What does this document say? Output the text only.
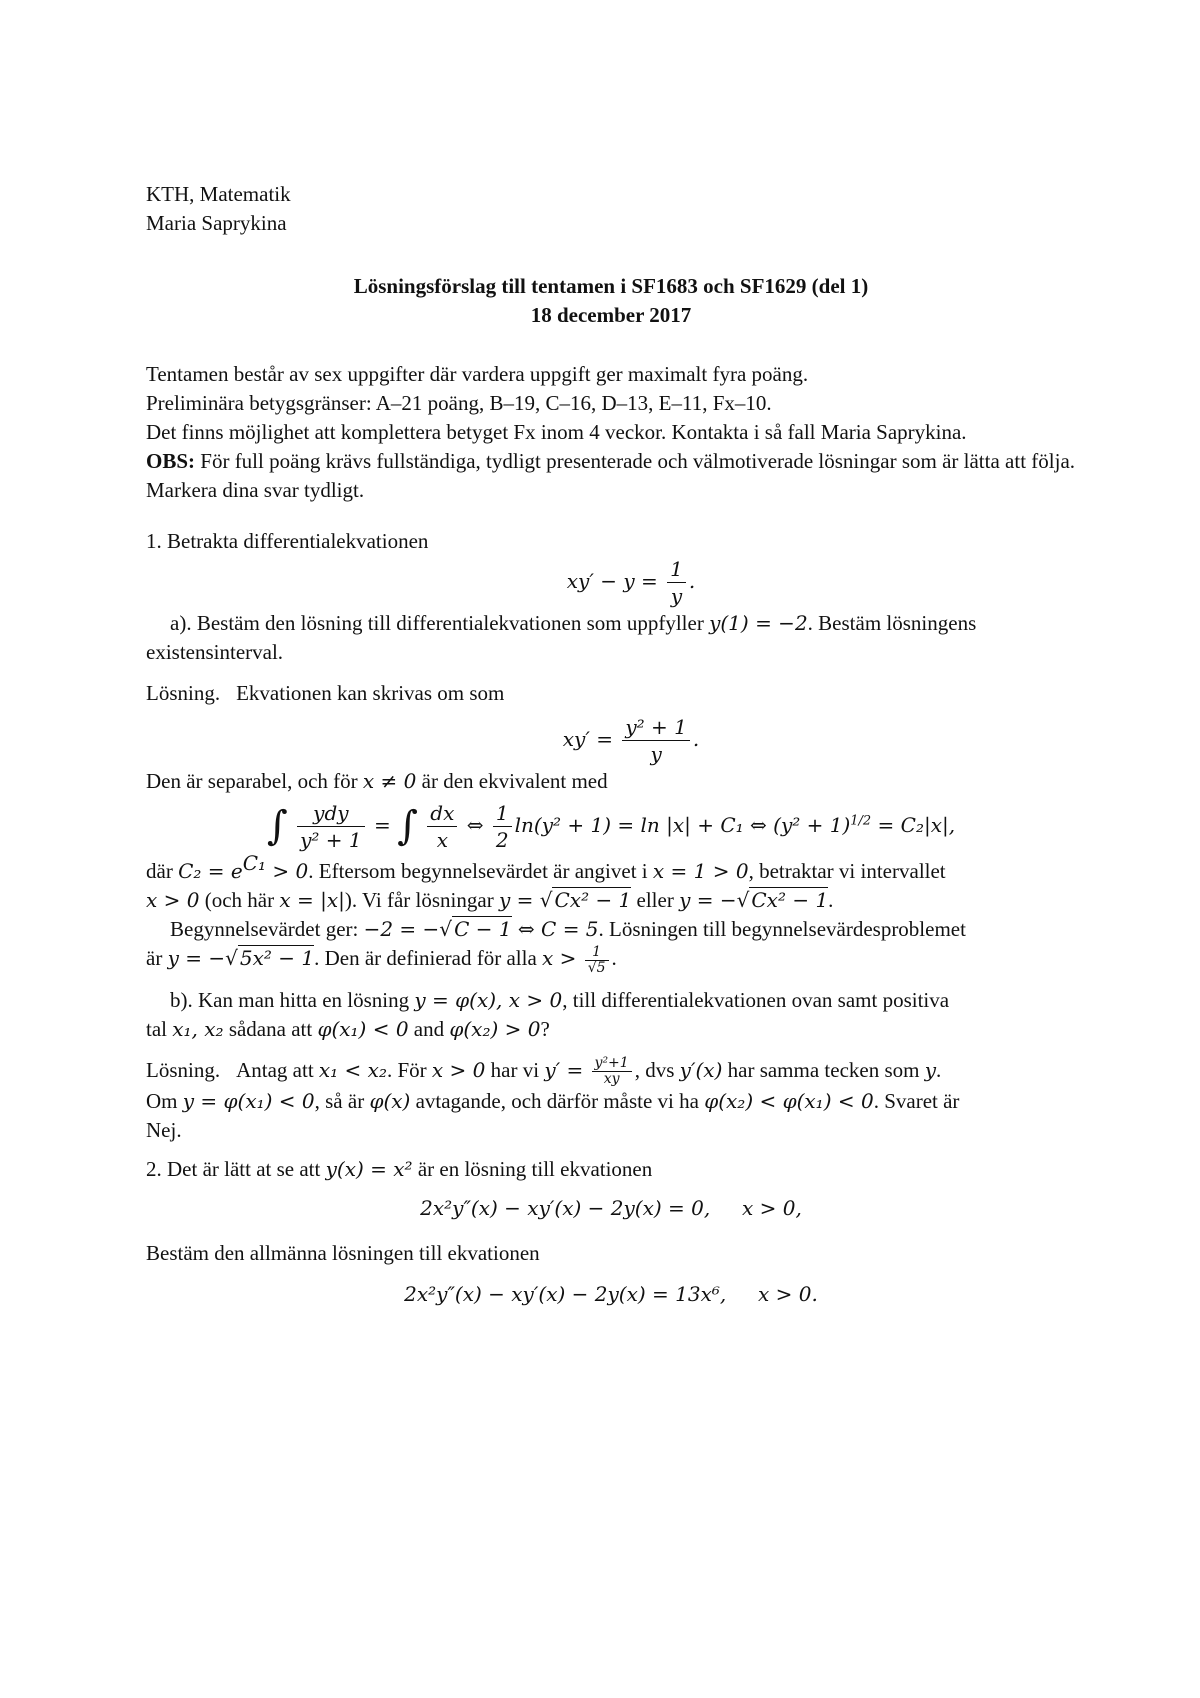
KTH, Matematik

Maria Saprykina

Lösningsförslag till tentamen i SF1683 och SF1629 (del 1)

18 december 2017

Tentamen består av sex uppgifter där vardera uppgift ger maximalt fyra poäng.

Preliminära betygsgränser: A–21 poäng, B–19, C–16, D–13, E–11, Fx–10.

Det finns möjlighet att komplettera betyget Fx inom 4 veckor. Kontakta i så fall Maria Saprykina.

OBS: För full poäng krävs fullständiga, tydligt presenterade och välmotiverade lösningar som är lätta att följa. Markera dina svar tydligt.

1. Betrakta differentialekvationen

$xy' - y = \frac{1}{y}$ .

a). Bestäm den lösning till differentialekvationen som uppfyller y(1) = −2. Bestäm lösningens existensinterval.

Lösning. Ekvationen kan skrivas om som

$xy' = \frac{\text{y² + 1}}{y}$ .

Den är separabel, och för x ≠ 0 är den ekvivalent med

∫ $\frac{\text{ydy}}{\text{y² + 1}}$ = ∫ $\frac{dx}{x}$ ⇔ $\frac{1}{2} \ln(y^2 + 1) = \ln |x| + C_1$ ⇔ $(y^2 + 1)^{1/2} = C_2|x|$,

där $C_2 = e^{C_1} > 0$. Eftersom begynnelsevärdet är angivet i x = 1 > 0, betraktar vi intervallet

x > 0 (och här x = |x|). Vi får lösningar y = √ Cx² − 1 eller y = −√ Cx² − 1.

Begynnelsevärdet ger: −2 = −√ C − 1 ⇔ C = 5. Lösningen till begynnelsevärdesproblemet

är y = −√ 5x² − 1. Den är definierad för alla $x > \frac{1}{√5}$ .

b). Kan man hitta en lösning y = φ(x), x > 0, till differentialekvationen ovan samt positiva

tal x₁, x₂ sådana att φ(x₁) < 0 and φ(x₂) > 0?

Lösning. Antag att x₁ < x₂. För x > 0 har vi $y' = \frac{\text{y²+1}}{xy}$ , dvs y′(x) har samma tecken som y.

Om y = φ(x₁) < 0, så är φ(x) avtagande, och därför måste vi ha φ(x₂) < φ(x₁) < 0. Svaret är

Nej.

2. Det är lätt at se att y(x) = x² är en lösning till ekvationen

2x²y″(x) − xy′(x) − 2y(x) = 0,     x > 0,

Bestäm den allmänna lösningen till ekvationen

2x²y″(x) − xy′(x) − 2y(x) = 13x⁶,     x > 0.
